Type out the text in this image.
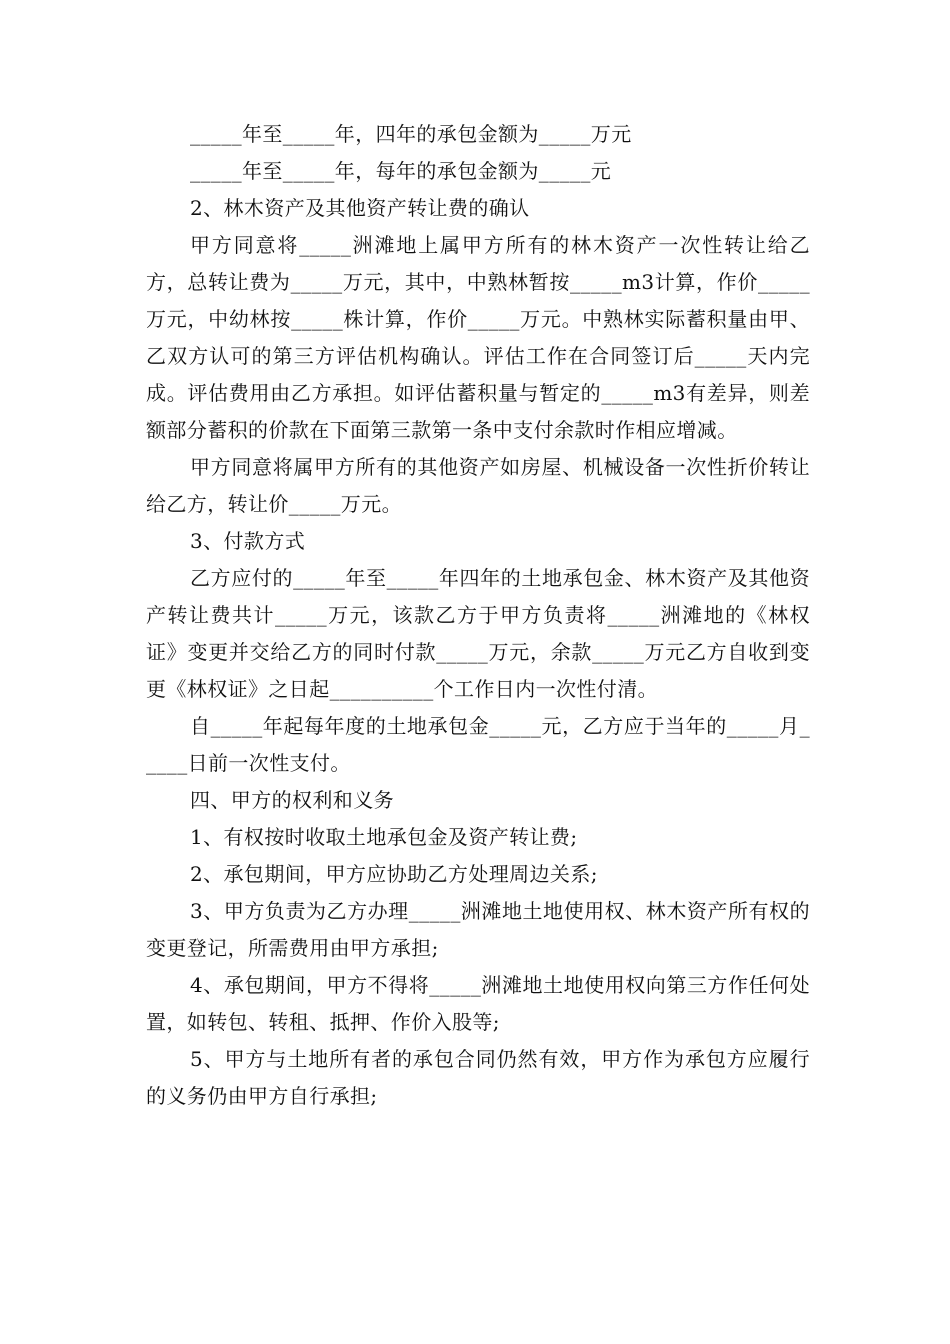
_____年至_____年，四年的承包金额为_____万元

_____年至_____年，每年的承包金额为_____元

2、林木资产及其他资产转让费的确认

甲方同意将_____洲滩地上属甲方所有的林木资产一次性转让给乙方，总转让费为_____万元，其中，中熟林暂按_____m3计算，作价_____万元，中幼林按_____株计算，作价_____万元。中熟林实际蓄积量由甲、乙双方认可的第三方评估机构确认。评估工作在合同签订后_____天内完成。评估费用由乙方承担。如评估蓄积量与暂定的_____m3有差异，则差额部分蓄积的价款在下面第三款第一条中支付余款时作相应增减。

甲方同意将属甲方所有的其他资产如房屋、机械设备一次性折价转让给乙方，转让价_____万元。

3、付款方式

乙方应付的_____年至_____年四年的土地承包金、林木资产及其他资产转让费共计_____万元，该款乙方于甲方负责将_____洲滩地的《林权证》变更并交给乙方的同时付款_____万元，余款_____万元乙方自收到变更《林权证》之日起__________个工作日内一次性付清。

自_____年起每年度的土地承包金_____元，乙方应于当年的_____月_____日前一次性支付。

四、甲方的权利和义务

1、有权按时收取土地承包金及资产转让费;

2、承包期间，甲方应协助乙方处理周边关系;

3、甲方负责为乙方办理_____洲滩地土地使用权、林木资产所有权的变更登记，所需费用由甲方承担;

4、承包期间，甲方不得将_____洲滩地土地使用权向第三方作任何处置，如转包、转租、抵押、作价入股等;

5、甲方与土地所有者的承包合同仍然有效，甲方作为承包方应履行的义务仍由甲方自行承担;
